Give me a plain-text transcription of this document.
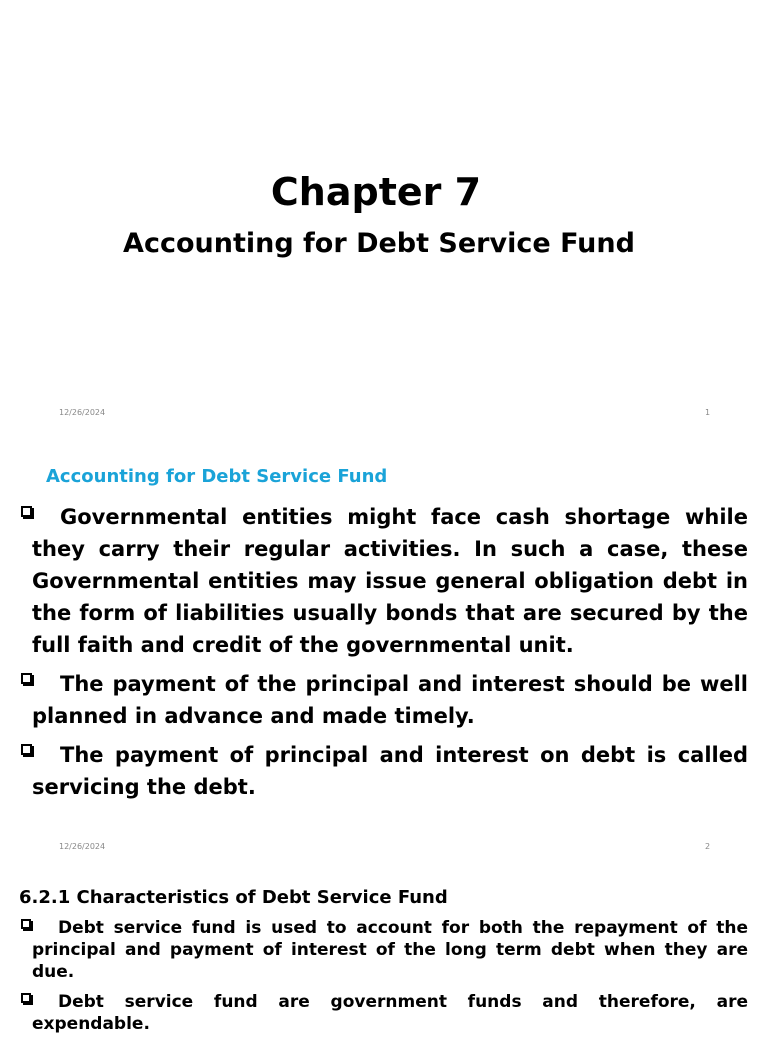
Chapter 7
Accounting for Debt Service Fund
12/26/2024	1
Accounting for Debt Service Fund
Governmental entities might face cash shortage while they carry their regular activities. In such a case, these Governmental entities may issue general obligation debt in the form of liabilities usually bonds that are secured by the full faith and credit of the governmental unit.
The payment of the principal and interest should be well planned in advance and made timely.
The payment of principal and interest on debt is called servicing the debt.
12/26/2024	2
6.2.1 Characteristics of Debt Service Fund
Debt service fund is used to account for both the repayment of the principal and payment of interest of the long term debt when they are due.
Debt service fund are government funds and therefore, are expendable.
